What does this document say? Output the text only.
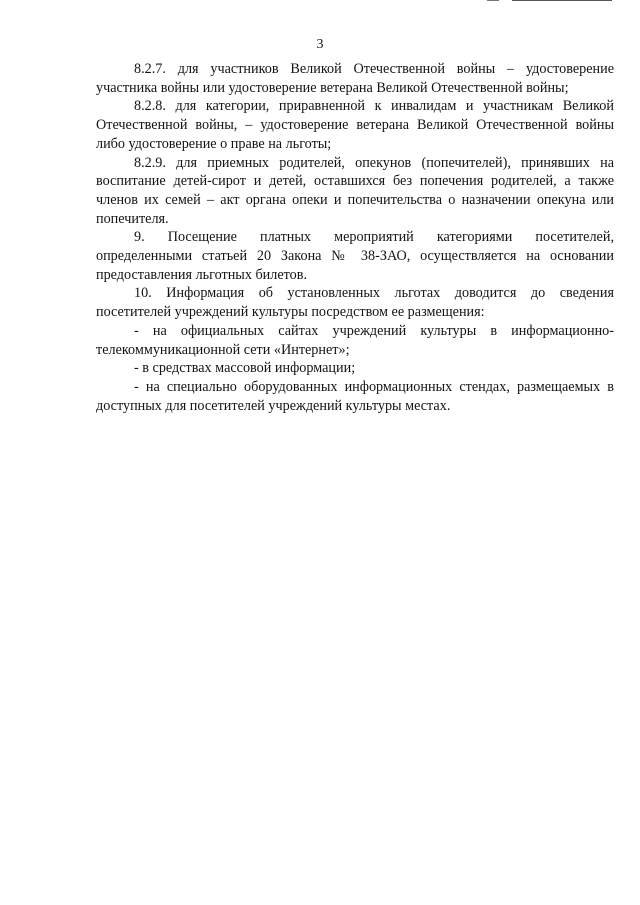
3

8.2.7. для участников Великой Отечественной войны – удостоверение участника войны или удостоверение ветерана Великой Отечественной войны;

8.2.8. для категории, приравненной к инвалидам и участникам Великой Отечественной войны, – удостоверение ветерана Великой Отечественной войны либо удостоверение о праве на льготы;

8.2.9. для приемных родителей, опекунов (попечителей), принявших на воспитание детей-сирот и детей, оставшихся без попечения родителей, а также членов их семей – акт органа опеки и попечительства о назначении опекуна или попечителя.

9. Посещение платных мероприятий категориями посетителей, определенными статьей 20 Закона № 38-ЗАО, осуществляется на основании предоставления льготных билетов.

10. Информация об установленных льготах доводится до сведения посетителей учреждений культуры посредством ее размещения:

- на официальных сайтах учреждений культуры в информационно-телекоммуникационной сети «Интернет»;

- в средствах массовой информации;

- на специально оборудованных информационных стендах, размещаемых в доступных для посетителей учреждений культуры местах.
